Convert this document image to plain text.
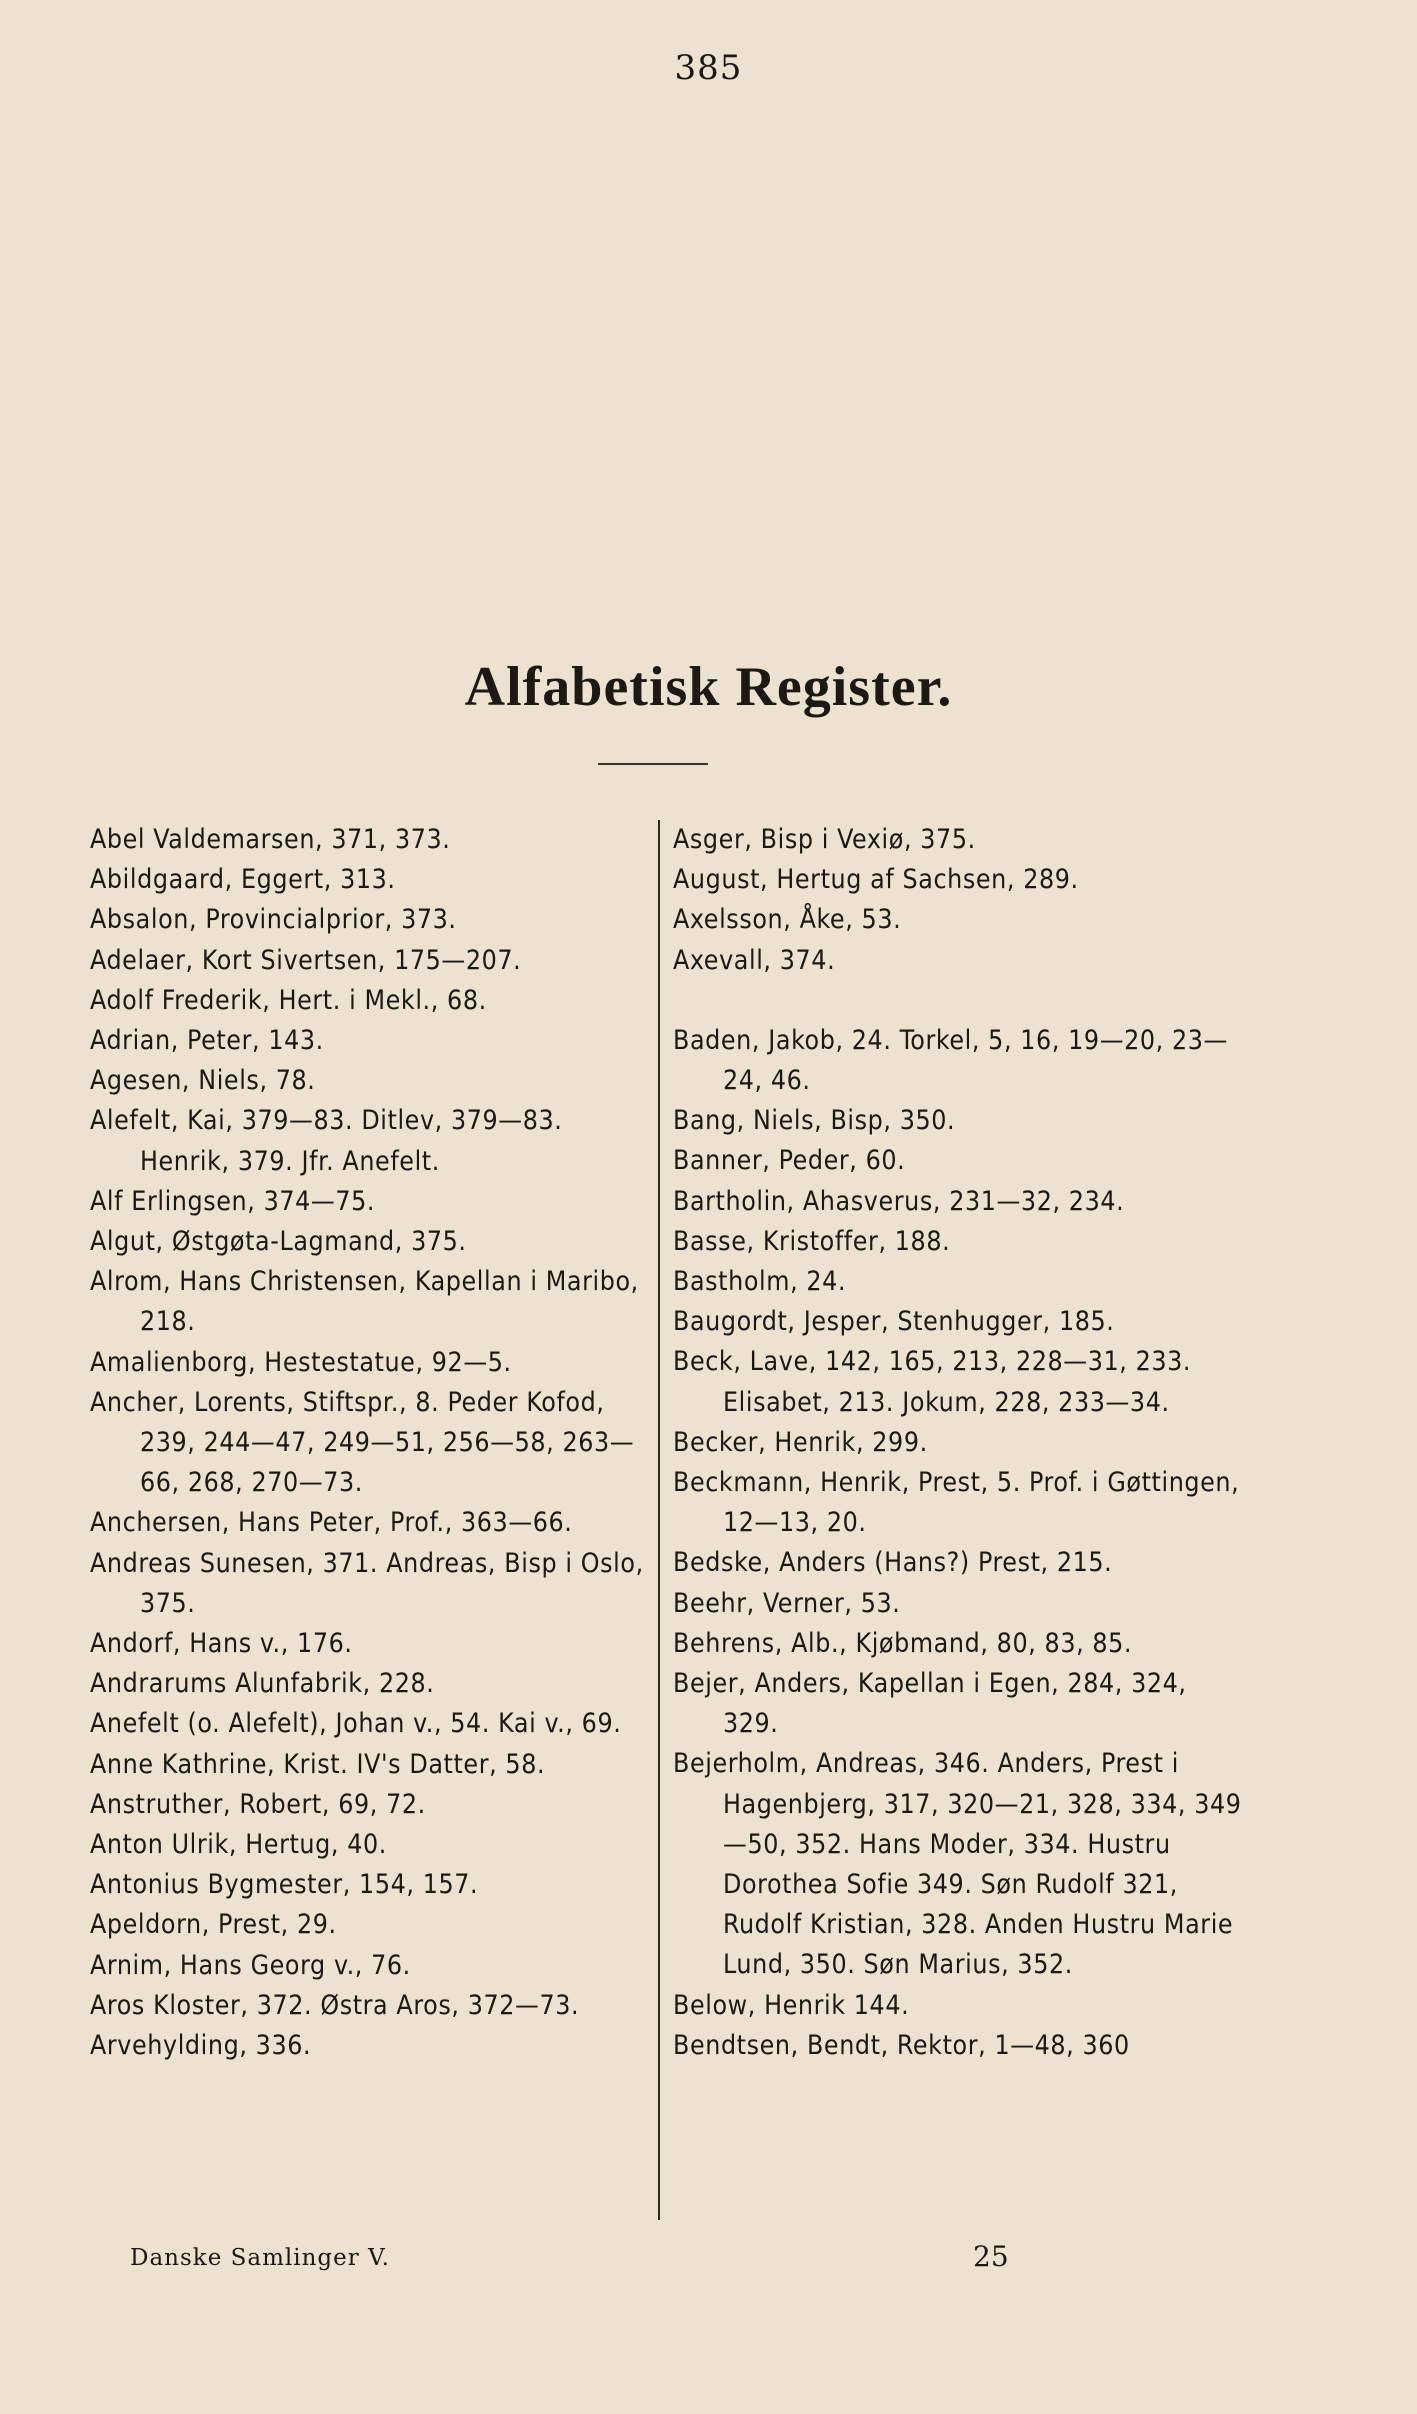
385
Alfabetisk Register.

Abel Valdemarsen, 371, 373.

Abildgaard, Eggert, 313.

Absalon, Provincialprior, 373.

Adelaer, Kort Sivertsen, 175—207.

Adolf Frederik, Hert. i Mekl., 68.

Adrian, Peter, 143.

Agesen, Niels, 78.

Alefelt, Kai, 379—83. Ditlev, 379—83. Henrik, 379. Jfr. Anefelt.

Alf Erlingsen, 374—75.

Algut, Østgøta-Lagmand, 375.

Alrom, Hans Christensen, Kapellan i Maribo, 218.

Amalienborg, Hestestatue, 92—5.

Ancher, Lorents, Stiftspr., 8. Peder Kofod, 239, 244—47, 249—51, 256—58, 263—66, 268, 270—73.

Anchersen, Hans Peter, Prof., 363—66.

Andreas Sunesen, 371. Andreas, Bisp i Oslo, 375.

Andorf, Hans v., 176.

Andrarums Alunfabrik, 228.

Anefelt (o. Alefelt), Johan v., 54. Kai v., 69.

Anne Kathrine, Krist. IV's Datter, 58.

Anstruther, Robert, 69, 72.

Anton Ulrik, Hertug, 40.

Antonius Bygmester, 154, 157.

Apeldorn, Prest, 29.

Arnim, Hans Georg v., 76.

Aros Kloster, 372. Østra Aros, 372—73.

Arvehylding, 336.

Asger, Bisp i Vexiø, 375.

August, Hertug af Sachsen, 289.

Axelsson, Åke, 53.

Axevall, 374.

Baden, Jakob, 24. Torkel, 5, 16, 19—20, 23—24, 46.

Bang, Niels, Bisp, 350.

Banner, Peder, 60.

Bartholin, Ahasverus, 231—32, 234.

Basse, Kristoffer, 188.

Bastholm, 24.

Baugordt, Jesper, Stenhugger, 185.

Beck, Lave, 142, 165, 213, 228—31, 233. Elisabet, 213. Jokum, 228, 233—34.

Becker, Henrik, 299.

Beckmann, Henrik, Prest, 5. Prof. i Gøttingen, 12—13, 20.

Bedske, Anders (Hans?) Prest, 215.

Beehr, Verner, 53.

Behrens, Alb., Kjøbmand, 80, 83, 85.

Bejer, Anders, Kapellan i Egen, 284, 324, 329.

Bejerholm, Andreas, 346. Anders, Prest i Hagenbjerg, 317, 320—21, 328, 334, 349—50, 352. Hans Moder, 334. Hustru Dorothea Sofie 349. Søn Rudolf 321, Rudolf Kristian, 328. Anden Hustru Marie Lund, 350. Søn Marius, 352.

Below, Henrik 144.

Bendtsen, Bendt, Rektor, 1—48, 360

Danske Samlinger V.	25
